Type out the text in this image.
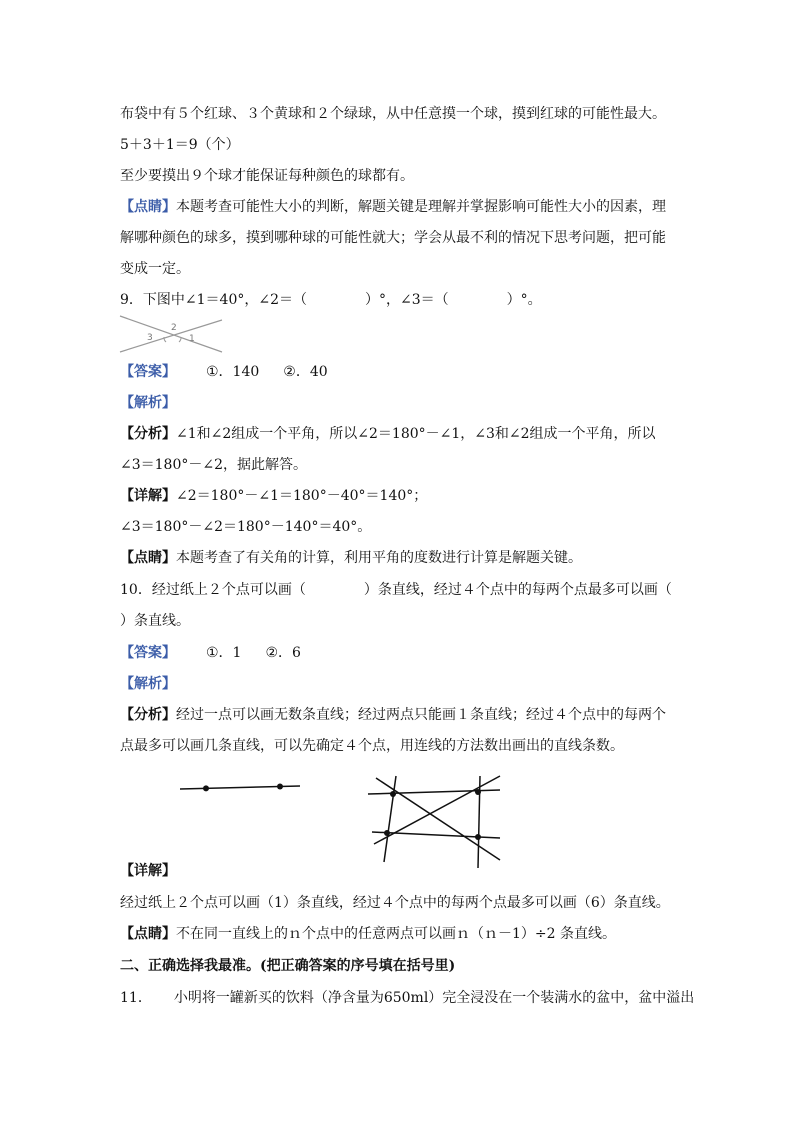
布袋中有５个红球、３个黄球和２个绿球，从中任意摸一个球，摸到红球的可能性最大。
5＋3＋1＝9（个）
至少要摸出９个球才能保证每种颜色的球都有。
【点睛】本题考查可能性大小的判断，解题关键是理解并掌握影响可能性大小的因素，理
解哪种颜色的球多，摸到哪种球的可能性就大；学会从最不利的情况下思考问题，把可能
变成一定。
9．下图中∠1＝40°，∠2＝（	）°，∠3＝（	）°。
3
2
1
【答案】 ①．140 ②．40
【解析】
【分析】∠1和∠2组成一个平角，所以∠2＝180°－∠1，∠3和∠2组成一个平角，所以
∠3＝180°－∠2，据此解答。
【详解】∠2＝180°－∠1＝180°－40°＝140°；
∠3＝180°－∠2＝180°－140°＝40°。
【点睛】本题考查了有关角的计算，利用平角的度数进行计算是解题关键。
10．经过纸上２个点可以画（	）条直线，经过４个点中的每两个点最多可以画（
）条直线。
【答案】 ①．1 ②．6
【解析】
【分析】经过一点可以画无数条直线；经过两点只能画１条直线；经过４个点中的每两个
点最多可以画几条直线，可以先确定４个点，用连线的方法数出画出的直线条数。
【详解】
经过纸上２个点可以画（1）条直线，经过４个点中的每两个点最多可以画（6）条直线。
【点睛】不在同一直线上的ｎ个点中的任意两点可以画ｎ（ｎ－1）÷2 条直线。
二、正确选择我最准。(把正确答案的序号填在括号里)
11． 小明将一罐新买的饮料（净含量为650ml）完全浸没在一个装满水的盆中，盆中溢出
